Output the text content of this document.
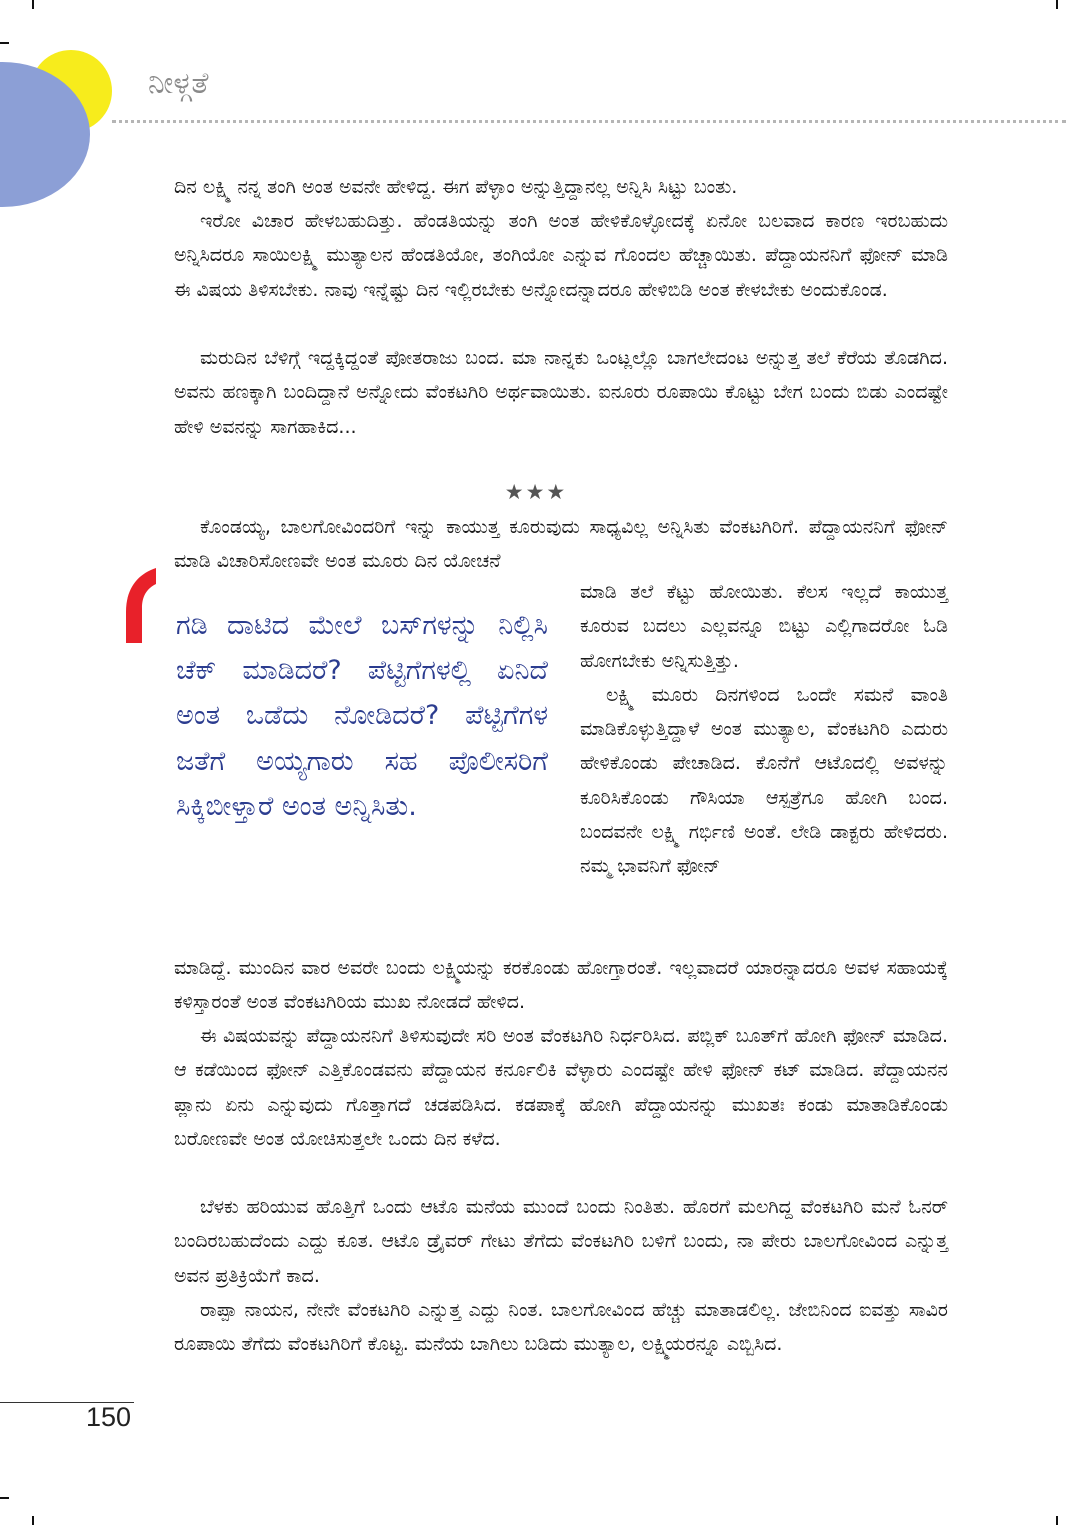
ನೀಳ್ಗತೆ

ದಿನ ಲಕ್ಷ್ಮಿ ನನ್ನ ತಂಗಿ ಅಂತ ಅವನೇ ಹೇಳಿದ್ದ. ಈಗ ಪೆಳ್ಳಾಂ ಅನ್ನುತ್ತಿದ್ದಾನಲ್ಲ ಅನ್ನಿಸಿ ಸಿಟ್ಟು ಬಂತು.

ಇರೋ ವಿಚಾರ ಹೇಳಬಹುದಿತ್ತು. ಹೆಂಡತಿಯನ್ನು ತಂಗಿ ಅಂತ ಹೇಳಿಕೊಳ್ಳೋದಕ್ಕೆ ಏನೋ ಬಲವಾದ ಕಾರಣ ಇರಬಹುದು ಅನ್ನಿಸಿದರೂ ಸಾಯಿಲಕ್ಷ್ಮಿ ಮುತ್ಯಾಲನ ಹೆಂಡತಿಯೋ, ತಂಗಿಯೋ ಎನ್ನುವ ಗೊಂದಲ ಹೆಚ್ಚಾಯಿತು. ಪೆದ್ದಾಯನನಿಗೆ ಫೋನ್ ಮಾಡಿ ಈ ವಿಷಯ ತಿಳಿಸಬೇಕು. ನಾವು ಇನ್ನೆಷ್ಟು ದಿನ ಇಲ್ಲಿರಬೇಕು ಅನ್ನೋದನ್ನಾದರೂ ಹೇಳಿಬಿಡಿ ಅಂತ ಕೇಳಬೇಕು ಅಂದುಕೊಂಡ.

ಮರುದಿನ ಬೆಳಿಗ್ಗೆ ಇದ್ದಕ್ಕಿದ್ದಂತೆ ಪೋತರಾಜು ಬಂದ. ಮಾ ನಾನ್ನಕು ಒಂಟ್ಲಲ್ಲೊ ಬಾಗಲೇದಂಟ ಅನ್ನುತ್ತ ತಲೆ ಕೆರೆಯ ತೊಡಗಿದ. ಅವನು ಹಣಕ್ಕಾಗಿ ಬಂದಿದ್ದಾನೆ ಅನ್ನೋದು ವೆಂಕಟಗಿರಿ ಅರ್ಥವಾಯಿತು. ಐನೂರು ರೂಪಾಯಿ ಕೊಟ್ಟು ಬೇಗ ಬಂದು ಬಿಡು ಎಂದಷ್ಟೇ ಹೇಳಿ ಅವನನ್ನು ಸಾಗಹಾಕಿದ...

★★★

ಕೊಂಡಯ್ಯ, ಬಾಲಗೋವಿಂದರಿಗೆ ಇನ್ನು ಕಾಯುತ್ತ ಕೂರುವುದು ಸಾಧ್ಯವಿಲ್ಲ ಅನ್ನಿಸಿತು ವೆಂಕಟಗಿರಿಗೆ. ಪೆದ್ದಾಯನನಿಗೆ ಫೋನ್ ಮಾಡಿ ವಿಚಾರಿಸೋಣವೇ ಅಂತ ಮೂರು ದಿನ ಯೋಚನೆ

ಗಡಿ ದಾಟಿದ ಮೇಲೆ ಬಸ್‌ಗಳನ್ನು ನಿಲ್ಲಿಸಿ ಚೆಕ್ ಮಾಡಿದರೆ? ಪೆಟ್ಟಿಗೆಗಳಲ್ಲಿ ಏನಿದೆ ಅಂತ ಒಡೆದು ನೋಡಿದರೆ? ಪೆಟ್ಟಿಗೆಗಳ ಜತೆಗೆ ಅಯ್ಯಗಾರು ಸಹ ಪೊಲೀಸರಿಗೆ ಸಿಕ್ಕಿಬೀಳ್ತಾರೆ ಅಂತ ಅನ್ನಿಸಿತು.

ಮಾಡಿ ತಲೆ ಕೆಟ್ಟು ಹೋಯಿತು. ಕೆಲಸ ಇಲ್ಲದೆ ಕಾಯುತ್ತ ಕೂರುವ ಬದಲು ಎಲ್ಲವನ್ನೂ ಬಿಟ್ಟು ಎಲ್ಲಿಗಾದರೋ ಓಡಿ ಹೋಗಬೇಕು ಅನ್ನಿಸುತ್ತಿತ್ತು.

ಲಕ್ಷ್ಮಿ ಮೂರು ದಿನಗಳಿಂದ ಒಂದೇ ಸಮನೆ ವಾಂತಿ ಮಾಡಿಕೊಳ್ಳುತ್ತಿದ್ದಾಳೆ ಅಂತ ಮುತ್ಯಾಲ, ವೆಂಕಟಗಿರಿ ಎದುರು ಹೇಳಿಕೊಂಡು ಪೇಚಾಡಿದ. ಕೊನೆಗೆ ಆಟೊದಲ್ಲಿ ಅವಳನ್ನು ಕೂರಿಸಿಕೊಂಡು ಗೌಸಿಯಾ ಆಸ್ಪತ್ರೆಗೂ ಹೋಗಿ ಬಂದ. ಬಂದವನೇ ಲಕ್ಷ್ಮಿ ಗರ್ಭಿಣಿ ಅಂತೆ. ಲೇಡಿ ಡಾಕ್ಟರು ಹೇಳಿದರು. ನಮ್ಮ ಭಾವನಿಗೆ ಫೋನ್

ಮಾಡಿದ್ದೆ. ಮುಂದಿನ ವಾರ ಅವರೇ ಬಂದು ಲಕ್ಷ್ಮಿಯನ್ನು ಕರಕೊಂಡು ಹೋಗ್ತಾರಂತೆ. ಇಲ್ಲವಾದರೆ ಯಾರನ್ನಾದರೂ ಅವಳ ಸಹಾಯಕ್ಕೆ ಕಳಿಸ್ತಾರಂತೆ ಅಂತ ವೆಂಕಟಗಿರಿಯ ಮುಖ ನೋಡದೆ ಹೇಳಿದ.

ಈ ವಿಷಯವನ್ನು ಪೆದ್ದಾಯನನಿಗೆ ತಿಳಿಸುವುದೇ ಸರಿ ಅಂತ ವೆಂಕಟಗಿರಿ ನಿರ್ಧರಿಸಿದ. ಪಬ್ಲಿಕ್ ಬೂತ್‌ಗೆ ಹೋಗಿ ಫೋನ್ ಮಾಡಿದ. ಆ ಕಡೆಯಿಂದ ಫೋನ್ ಎತ್ತಿಕೊಂಡವನು ಪೆದ್ದಾಯನ ಕರ್ನೂಲಿಕಿ ವೆಳ್ಳಾರು ಎಂದಷ್ಟೇ ಹೇಳಿ ಫೋನ್ ಕಟ್ ಮಾಡಿದ. ಪೆದ್ದಾಯನನ ಪ್ಲಾನು ಏನು ಎನ್ನುವುದು ಗೊತ್ತಾಗದೆ ಚಡಪಡಿಸಿದ. ಕಡಪಾಕ್ಕೆ ಹೋಗಿ ಪೆದ್ದಾಯನನ್ನು ಮುಖತಃ ಕಂಡು ಮಾತಾಡಿಕೊಂಡು ಬರೋಣವೇ ಅಂತ ಯೋಚಿಸುತ್ತಲೇ ಒಂದು ದಿನ ಕಳೆದ.

ಬೆಳಕು ಹರಿಯುವ ಹೊತ್ತಿಗೆ ಒಂದು ಆಟೊ ಮನೆಯ ಮುಂದೆ ಬಂದು ನಿಂತಿತು. ಹೊರಗೆ ಮಲಗಿದ್ದ ವೆಂಕಟಗಿರಿ ಮನೆ ಓನರ್ ಬಂದಿರಬಹುದೆಂದು ಎದ್ದು ಕೂತ. ಆಟೊ ಡ್ರೈವರ್ ಗೇಟು ತೆಗೆದು ವೆಂಕಟಗಿರಿ ಬಳಿಗೆ ಬಂದು, ನಾ ಪೇರು ಬಾಲಗೋವಿಂದ ಎನ್ನುತ್ತ ಅವನ ಪ್ರತಿಕ್ರಿಯೆಗೆ ಕಾದ.

ರಾಪ್ಪಾ ನಾಯನ, ನೇನೇ ವೆಂಕಟಗಿರಿ ಎನ್ನುತ್ತ ಎದ್ದು ನಿಂತ. ಬಾಲಗೋವಿಂದ ಹೆಚ್ಚು ಮಾತಾಡಲಿಲ್ಲ. ಜೇಬಿನಿಂದ ಐವತ್ತು ಸಾವಿರ ರೂಪಾಯಿ ತೆಗೆದು ವೆಂಕಟಗಿರಿಗೆ ಕೊಟ್ಟ. ಮನೆಯ ಬಾಗಿಲು ಬಡಿದು ಮುತ್ಯಾಲ, ಲಕ್ಷ್ಮಿಯರನ್ನೂ ಎಬ್ಬಿಸಿದ.

150
